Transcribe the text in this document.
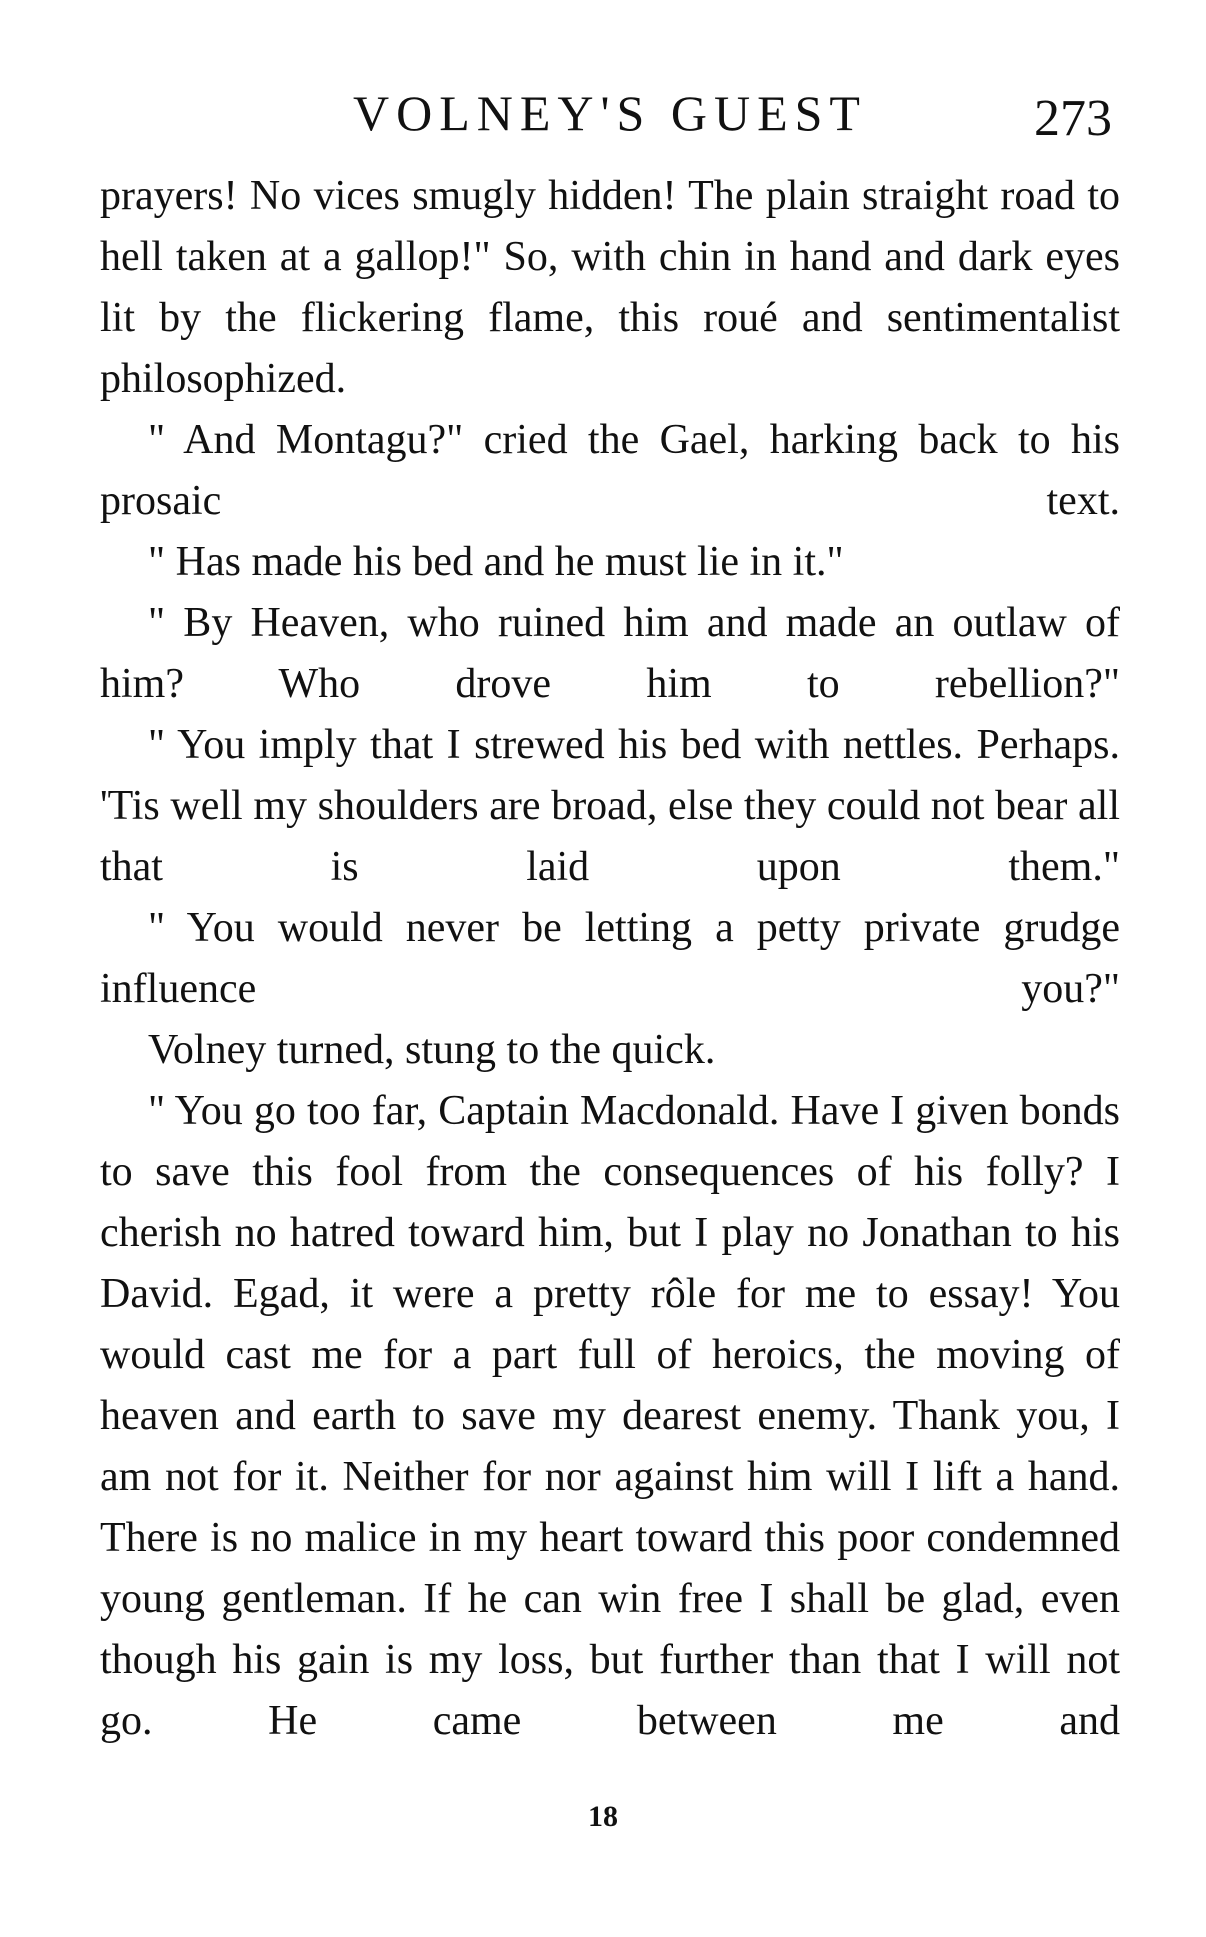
VOLNEY'S GUEST	273

prayers! No vices smugly hidden! The plain straight road to hell taken at a gallop!" So, with chin in hand and dark eyes lit by the flickering flame, this roué and sentimentalist philosophized.

" And Montagu?" cried the Gael, harking back to his prosaic text.

" Has made his bed and he must lie in it."

" By Heaven, who ruined him and made an outlaw of him? Who drove him to rebellion?"

" You imply that I strewed his bed with nettles. Perhaps. 'Tis well my shoulders are broad, else they could not bear all that is laid upon them."

" You would never be letting a petty private grudge influence you?"

Volney turned, stung to the quick.

" You go too far, Captain Macdonald. Have I given bonds to save this fool from the consequences of his folly? I cherish no hatred toward him, but I play no Jonathan to his David. Egad, it were a pretty rôle for me to essay! You would cast me for a part full of heroics, the moving of heaven and earth to save my dearest enemy. Thank you, I am not for it. Neither for nor against him will I lift a hand. There is no malice in my heart toward this poor condemned young gentleman. If he can win free I shall be glad, even though his gain is my loss, but further than that I will not go. He came between me and

18
